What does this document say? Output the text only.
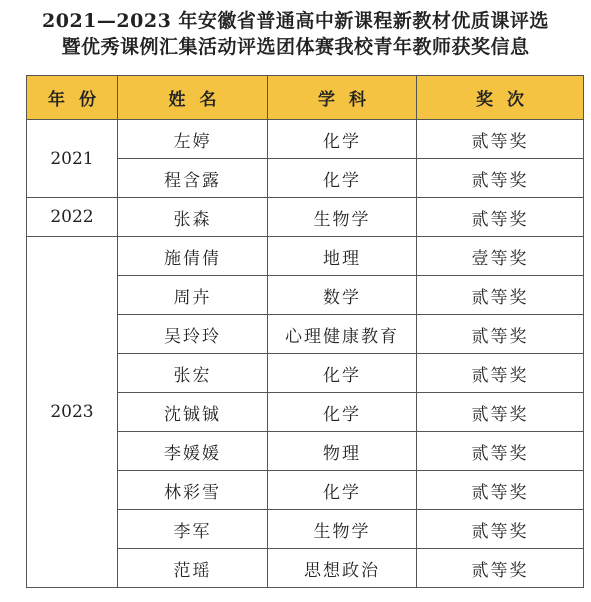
2021—2023 年安徽省普通高中新课程新教材优质课评选
暨优秀课例汇集活动评选团体赛我校青年教师获奖信息
年份	姓名	学科	奖次
2021	左婷	化学	贰等奖
	程含露	化学	贰等奖
2022	张森	生物学	贰等奖
2023	施倩倩	地理	壹等奖
	周卉	数学	贰等奖
	吴玲玲	心理健康教育	贰等奖
	张宏	化学	贰等奖
	沈铖铖	化学	贰等奖
	李媛媛	物理	贰等奖
	林彩雪	化学	贰等奖
	李军	生物学	贰等奖
	范瑶	思想政治	贰等奖
